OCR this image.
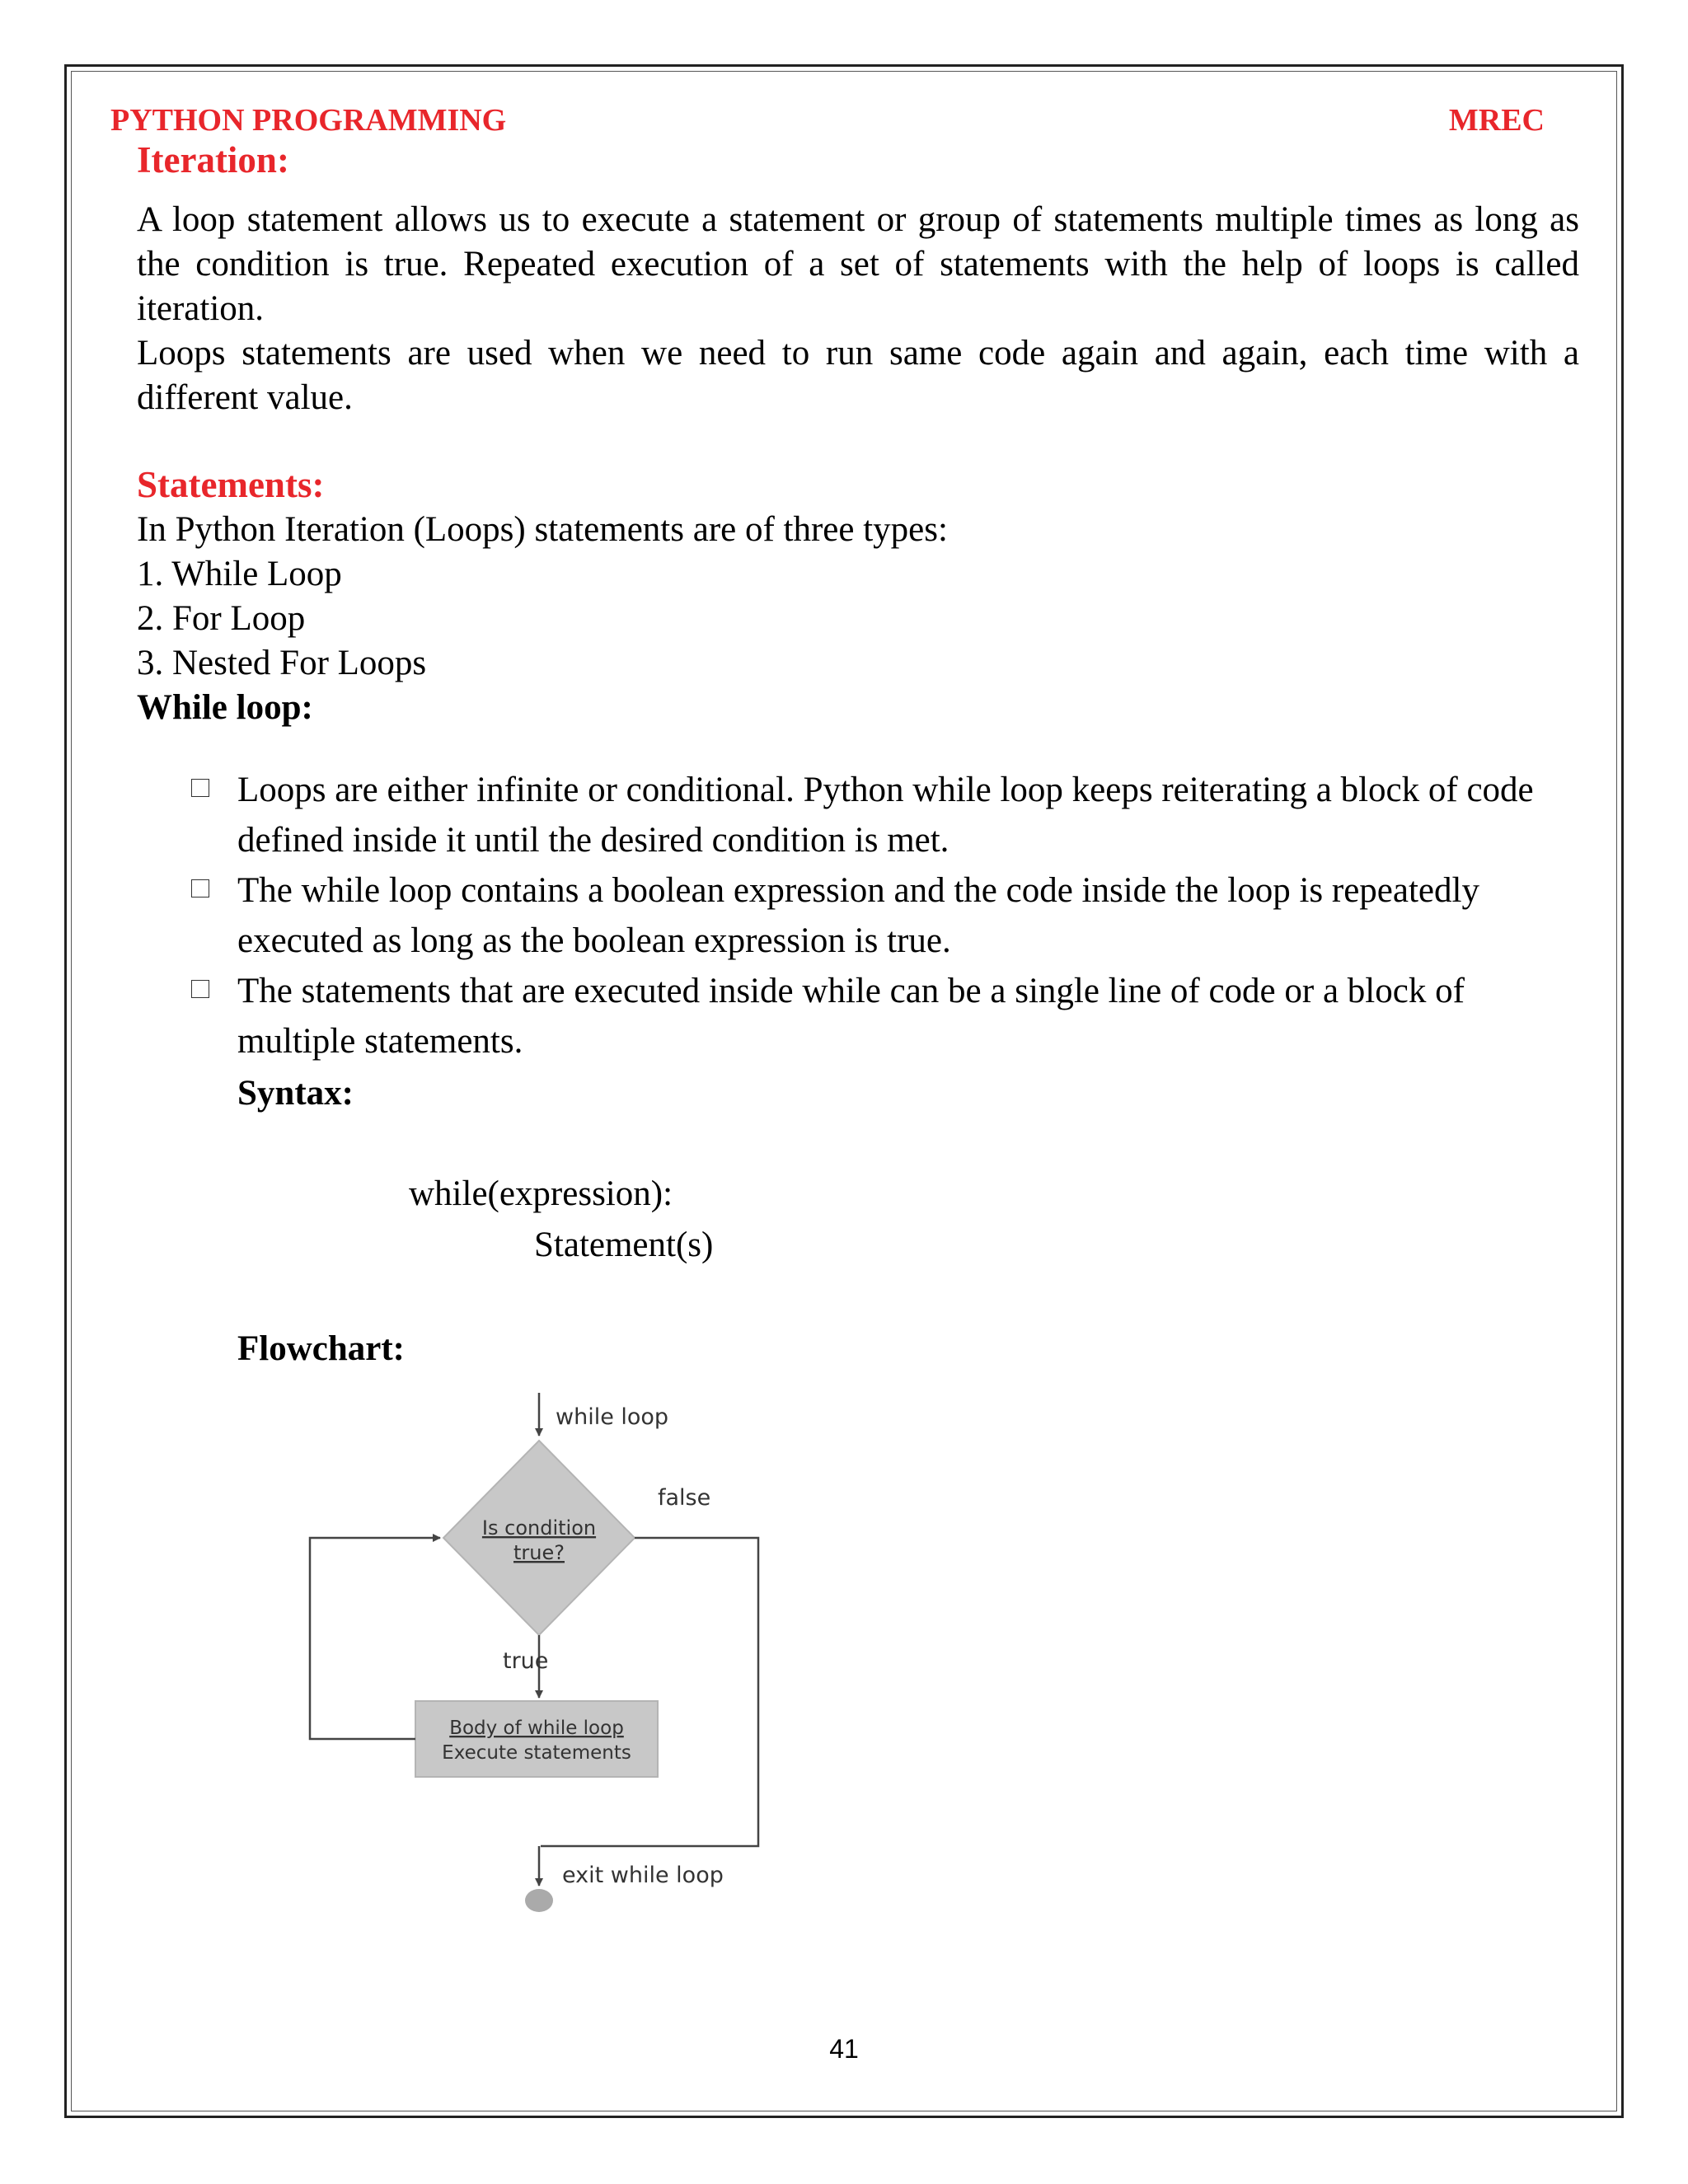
PYTHON PROGRAMMING	MREC
Iteration:
A loop statement allows us to execute a statement or group of statements multiple times as long as the condition is true. Repeated execution of a set of statements with the help of loops is called iteration.
Loops statements are used when we need to run same code again and again, each time with a different value.
Statements:
In Python Iteration (Loops) statements are of three types:
1. While Loop
2. For Loop
3. Nested For Loops
While loop:
Loops are either infinite or conditional. Python while loop keeps reiterating a block of code defined inside it until the desired condition is met.
The while loop contains a boolean expression and the code inside the loop is repeatedly executed as long as the boolean expression is true.
The statements that are executed inside while can be a single line of code or a block of multiple statements.
Syntax:
while(expression):
Statement(s)
Flowchart:
while loop
Is condition
true?
false
exit while loop
true
Body of while loop
Execute statements
41
